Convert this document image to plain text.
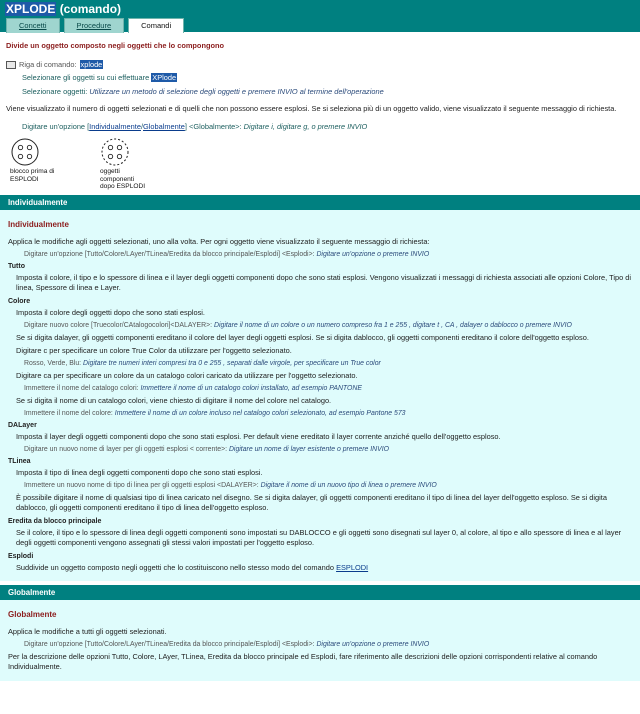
XPLODE (comando)
Concetti	Procedure	Comandi
Divide un oggetto composto negli oggetti che lo compongono
Riga di comando: xplode
Selezionare gli oggetti su cui effettuare XPlode
Selezionare oggetti: Utilizzare un metodo di selezione degli oggetti e premere INVIO al termine dell'operazione
Viene visualizzato il numero di oggetti selezionati e di quelli che non possono essere esplosi. Se si seleziona più di un oggetto valido, viene visualizzato il seguente messaggio di richiesta.
Digitare un'opzione [Individualmente/Globalmente] <Globalmente>: Digitare i, digitare g, o premere INVIO
blocco prima di ESPLODI
oggetti componenti dopo ESPLODI
Individualmente
Individualmente
Applica le modifiche agli oggetti selezionati, uno alla volta. Per ogni oggetto viene visualizzato il seguente messaggio di richiesta:
Digitare un'opzione [Tutto/Colore/LAyer/TLinea/Eredita da blocco principale/Esplodi] <Esplodi>: Digitare un'opzione o premere INVIO
Tutto
Imposta il colore, il tipo e lo spessore di linea e il layer degli oggetti componenti dopo che sono stati esplosi. Vengono visualizzati i messaggi di richiesta associati alle opzioni Colore, Tipo di linea, Spessore di linea e Layer.
Colore
Imposta il colore degli oggetti dopo che sono stati esplosi.
Digitare nuovo colore [Truecolor/CAtalogocolori]<DALAYER>: Digitare il nome di un colore o un numero compreso fra 1 e 255 , digitare t , CA , dalayer o dablocco o premere INVIO
Se si digita dalayer, gli oggetti componenti ereditano il colore del layer degli oggetti esplosi. Se si digita dablocco, gli oggetti componenti ereditano il colore dell'oggetto esploso.
Digitare c per specificare un colore True Color da utilizzare per l'oggetto selezionato.
Rosso, Verde, Blu: Digitare tre numeri interi compresi tra 0 e 255 , separati dalle virgole, per specificare un True color
Digitare ca per specificare un colore da un catalogo colori caricato da utilizzare per l'oggetto selezionato.
Immettere il nome del catalogo colori: Immettere il nome di un catalogo colori installato, ad esempio PANTONE
Se si digita il nome di un catalogo colori, viene chiesto di digitare il nome del colore nel catalogo.
Immettere il nome del colore: Immettere il nome di un colore incluso nel catalogo colori selezionato, ad esempio Pantone 573
DALayer
Imposta il layer degli oggetti componenti dopo che sono stati esplosi. Per default viene ereditato il layer corrente anziché quello dell'oggetto esploso.
Digitare un nuovo nome di layer per gli oggetti esplosi < corrente>: Digitare un nome di layer esistente o premere INVIO
TLinea
Imposta il tipo di linea degli oggetti componenti dopo che sono stati esplosi.
Immettere un nuovo nome di tipo di linea per gli oggetti esplosi <DALAYER>: Digitare il nome di un nuovo tipo di linea o premere INVIO
È possibile digitare il nome di qualsiasi tipo di linea caricato nel disegno. Se si digita dalayer, gli oggetti componenti ereditano il tipo di linea del layer dell'oggetto esploso. Se si digita dablocco, gli oggetti componenti ereditano il tipo di linea dell'oggetto esploso.
Eredita da blocco principale
Se il colore, il tipo e lo spessore di linea degli oggetti componenti sono impostati su DABLOCCO e gli oggetti sono disegnati sul layer 0, al colore, al tipo e allo spessore di linea e al layer degli oggetti componenti vengono assegnati gli stessi valori impostati per l'oggetto esploso.
Esplodi
Suddivide un oggetto composto negli oggetti che lo costituiscono nello stesso modo del comando ESPLODI
Globalmente
Globalmente
Applica le modifiche a tutti gli oggetti selezionati.
Digitare un'opzione [Tutto/Colore/LAyer/TLinea/Eredita da blocco principale/Esplodi] <Esplodi>: Digitare un'opzione o premere INVIO
Per la descrizione delle opzioni Tutto, Colore, LAyer, TLinea, Eredita da blocco principale ed Esplodi, fare riferimento alle descrizioni delle opzioni corrispondenti relative al comando Individualmente.
